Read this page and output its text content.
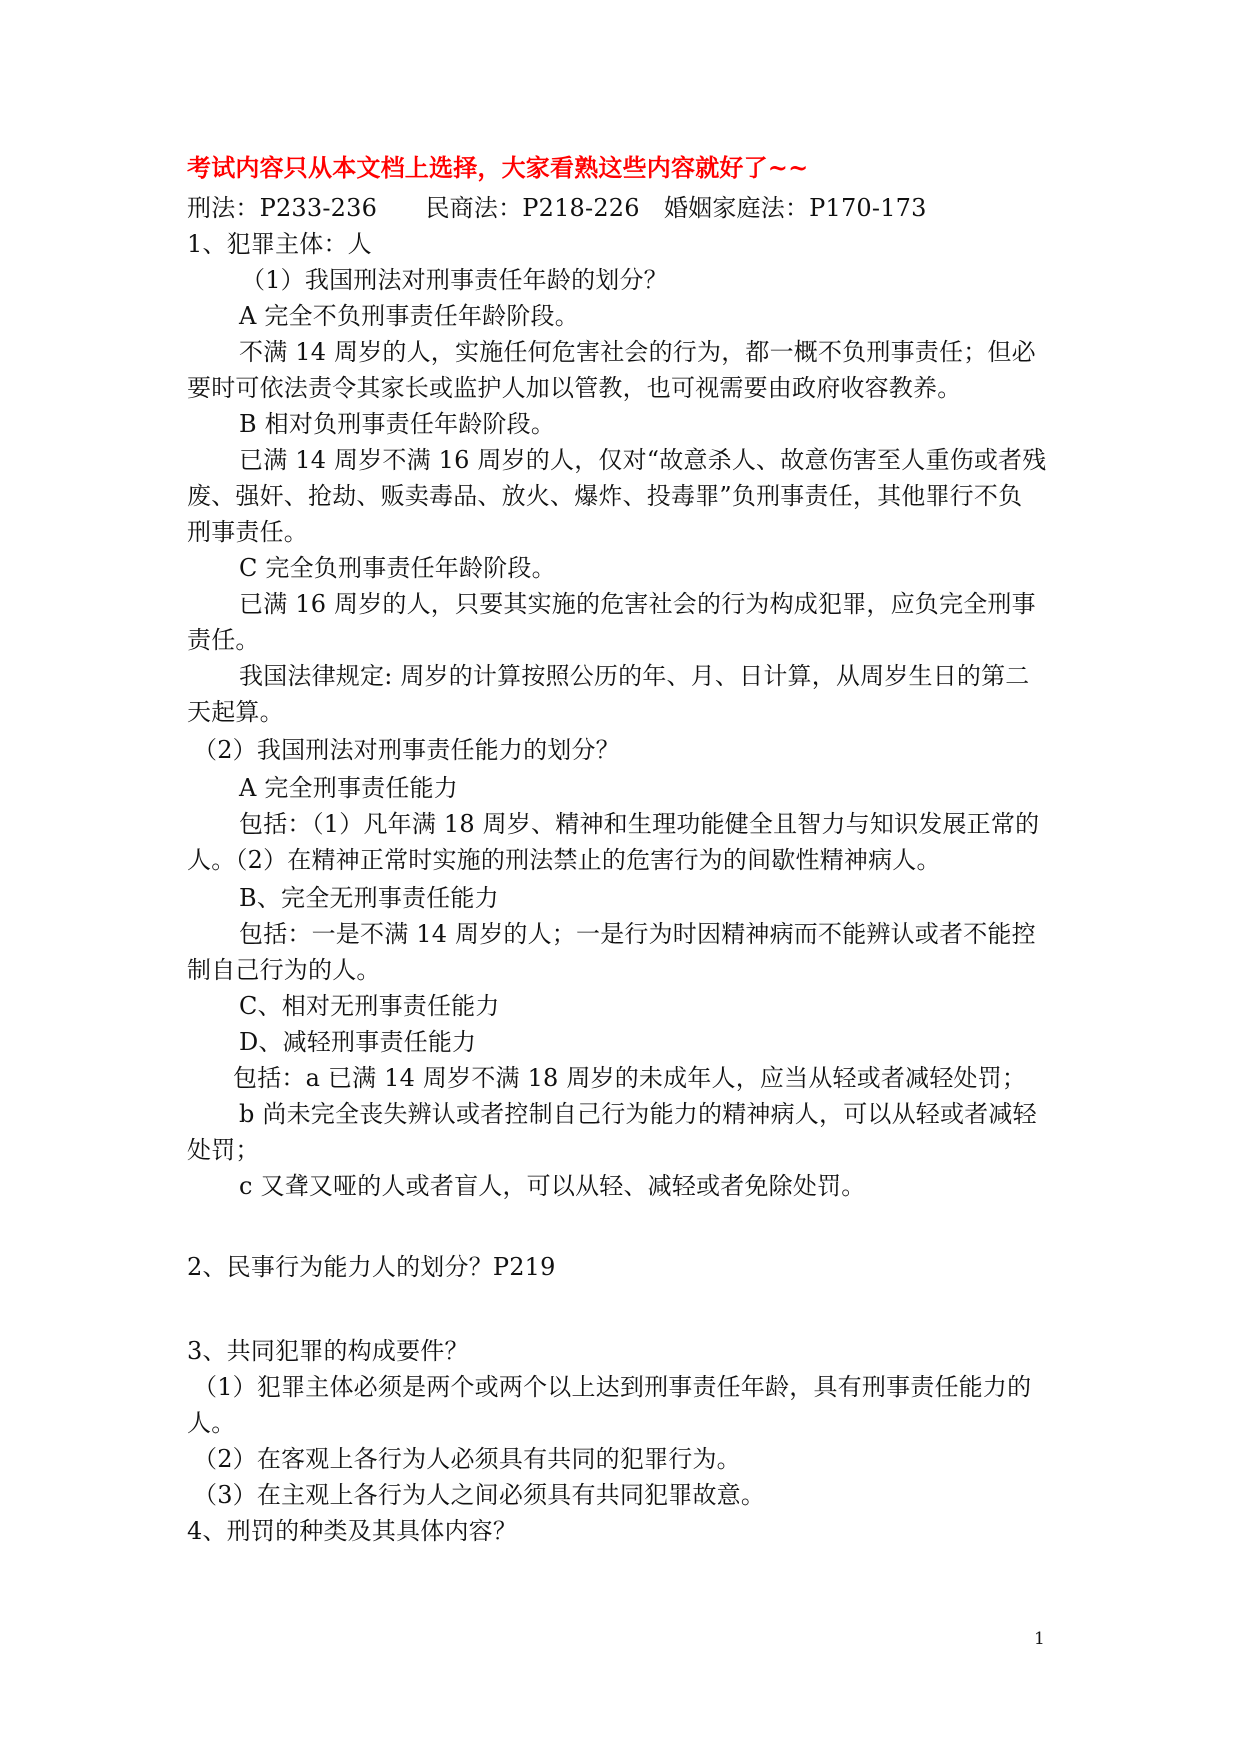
考试内容只从本文档上选择，大家看熟这些内容就好了~~
刑法：P233-236　　民商法：P218-226　婚姻家庭法：P170-173
1、犯罪主体：人
（1）我国刑法对刑事责任年龄的划分？
A 完全不负刑事责任年龄阶段。
不满 14 周岁的人，实施任何危害社会的行为，都一概不负刑事责任；但必
要时可依法责令其家长或监护人加以管教，也可视需要由政府收容教养。
B 相对负刑事责任年龄阶段。
已满 14 周岁不满 16 周岁的人，仅对“故意杀人、故意伤害至人重伤或者残
废、强奸、抢劫、贩卖毒品、放火、爆炸、投毒罪”负刑事责任，其他罪行不负
刑事责任。
C 完全负刑事责任年龄阶段。
已满 16 周岁的人，只要其实施的危害社会的行为构成犯罪，应负完全刑事
责任。
我国法律规定: 周岁的计算按照公历的年、月、日计算，从周岁生日的第二
天起算。
（2）我国刑法对刑事责任能力的划分？
A 完全刑事责任能力
包括：（1）凡年满 18 周岁、精神和生理功能健全且智力与知识发展正常的
人。（2）在精神正常时实施的刑法禁止的危害行为的间歇性精神病人。
B、完全无刑事责任能力
包括：一是不满 14 周岁的人；一是行为时因精神病而不能辨认或者不能控
制自己行为的人。
C、相对无刑事责任能力
D、减轻刑事责任能力
包括：a 已满 14 周岁不满 18 周岁的未成年人，应当从轻或者减轻处罚；
b 尚未完全丧失辨认或者控制自己行为能力的精神病人，可以从轻或者减轻
处罚；
c 又聋又哑的人或者盲人，可以从轻、减轻或者免除处罚。
2、民事行为能力人的划分？P219
3、共同犯罪的构成要件？
（1）犯罪主体必须是两个或两个以上达到刑事责任年龄，具有刑事责任能力的
人。
（2）在客观上各行为人必须具有共同的犯罪行为。
（3）在主观上各行为人之间必须具有共同犯罪故意。
4、刑罚的种类及其具体内容？
1
